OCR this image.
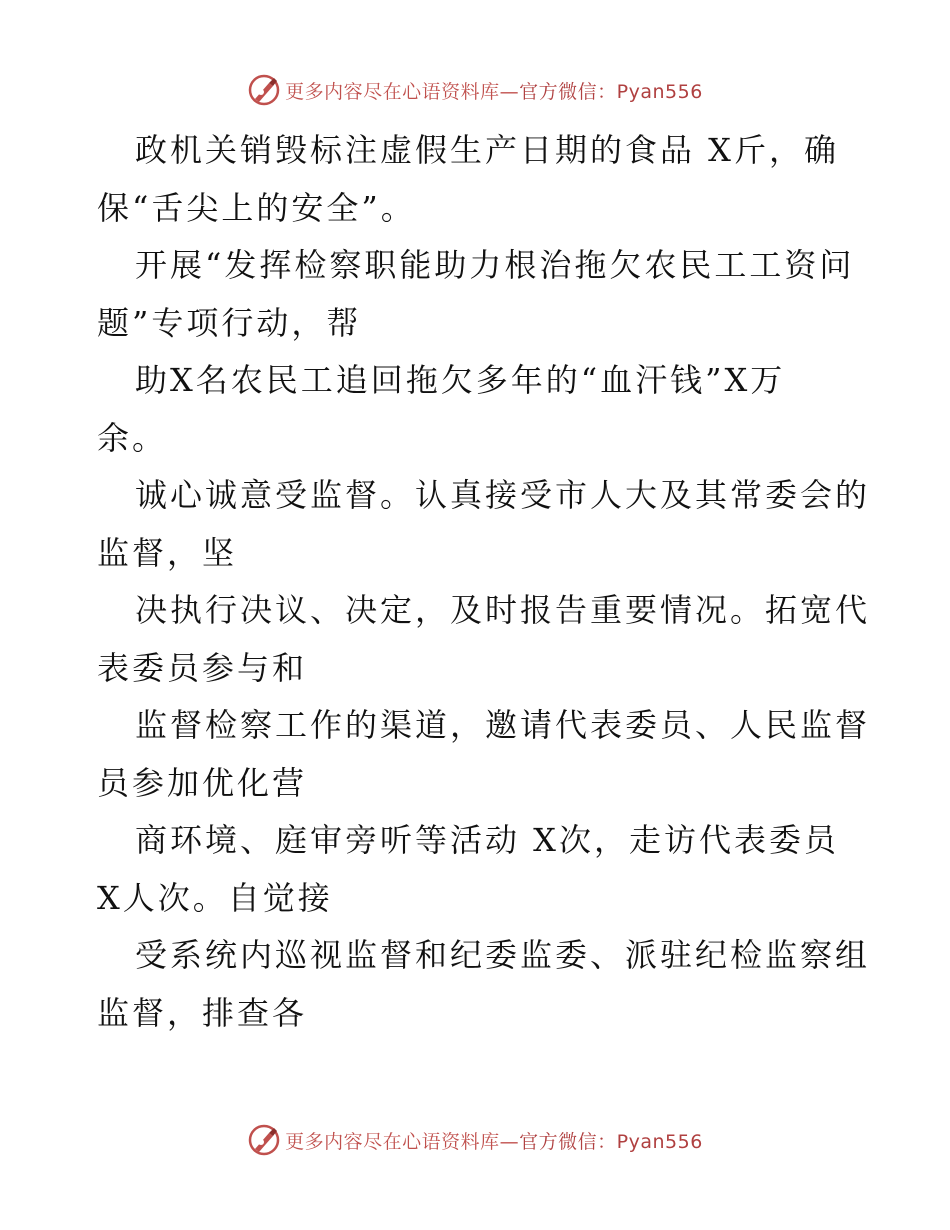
更多内容尽在心语资料库—官方微信：Pyan556
政机关销毁标注虚假生产日期的食品 X斤，确
保“舌尖上的安全”。
开展“发挥检察职能助力根治拖欠农民工工资问
题”专项行动，帮
助X名农民工追回拖欠多年的“血汗钱”X万
余。
诚心诚意受监督。认真接受市人大及其常委会的
监督，坚
决执行决议、决定，及时报告重要情况。拓宽代
表委员参与和
监督检察工作的渠道，邀请代表委员、人民监督
员参加优化营
商环境、庭审旁听等活动 X次，走访代表委员
X人次。自觉接
受系统内巡视监督和纪委监委、派驻纪检监察组
监督，排查各
更多内容尽在心语资料库—官方微信：Pyan556
